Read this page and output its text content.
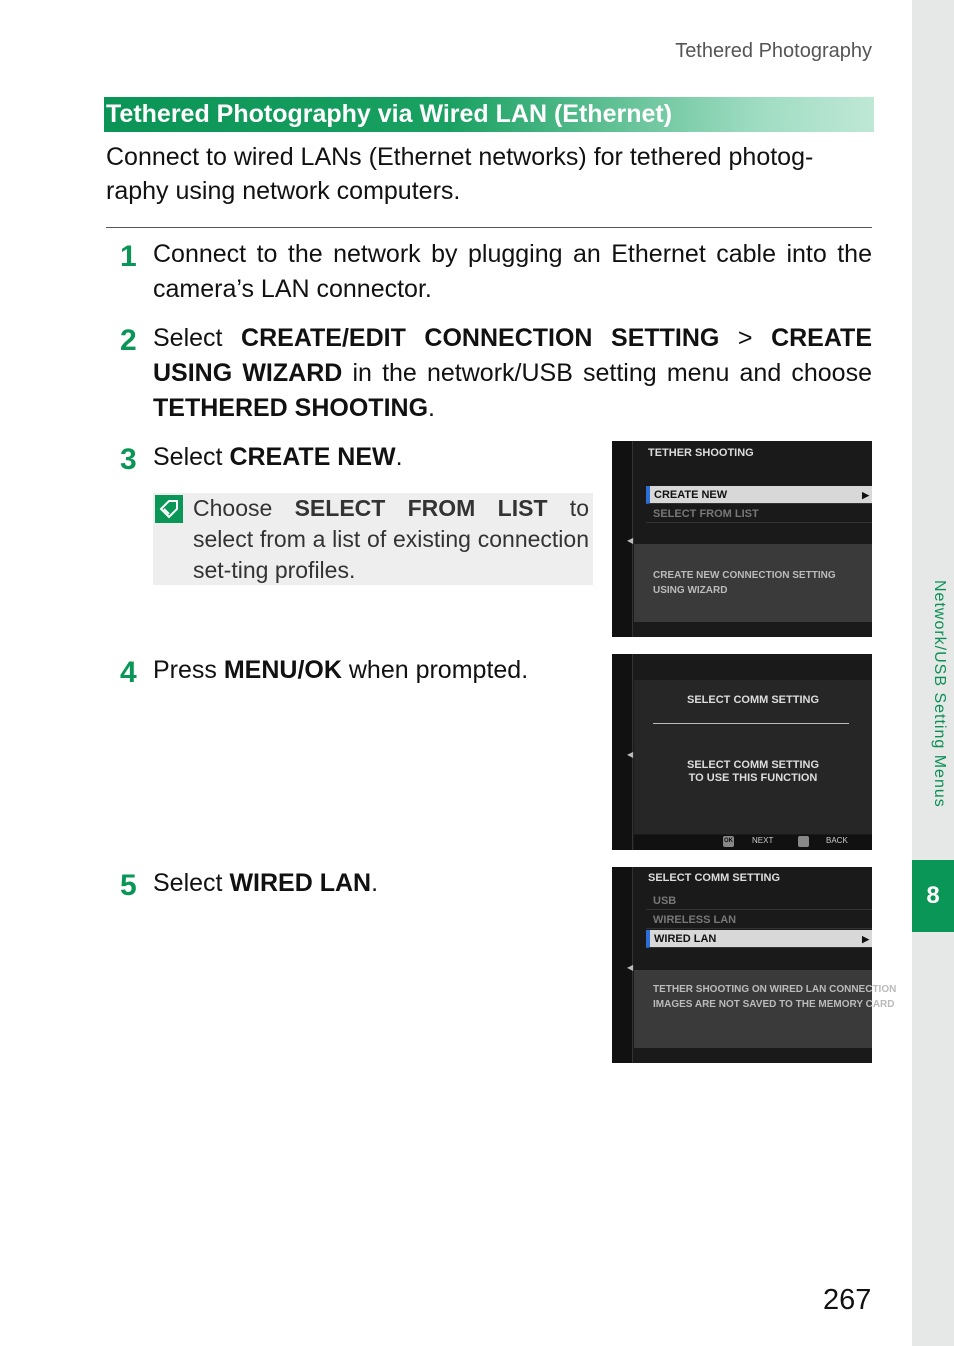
Tethered Photography
Network/USB Setting Menus
8
Tethered Photography via Wired LAN (Ethernet)
Connect to wired LANs (Ethernet networks) for tethered photog-raphy using network computers.
1 Connect to the network by plugging an Ethernet cable into the camera’s LAN connector.
2 Select CREATE/EDIT CONNECTION SETTING > CREATE USING WIZARD in the network/USB setting menu and choose TETHERED SHOOTING.
3 Select CREATE NEW.
Choose SELECT FROM LIST to select from a list of existing connection set-ting profiles.
4 Press MENU/OK when prompted.
5 Select WIRED LAN.
◀
TETHER SHOOTING
CREATE NEW	▶
SELECT FROM LIST
CREATE NEW CONNECTION SETTING
USING WIZARD
◀
SELECT COMM SETTING
SELECT COMM SETTING
TO USE THIS FUNCTION
OK NEXT	BACK
◀
SELECT COMM SETTING
USB
WIRELESS LAN
WIRED LAN	▶
TETHER SHOOTING ON WIRED LAN CONNECTION
IMAGES ARE NOT SAVED TO THE MEMORY CARD
267
